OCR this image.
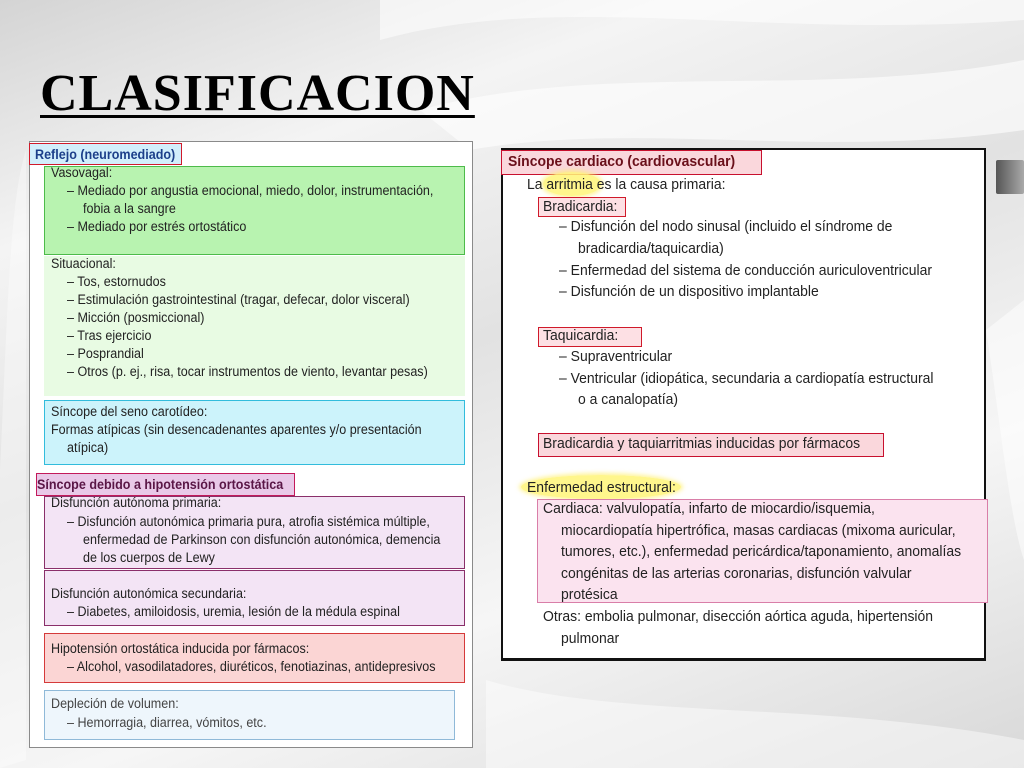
CLASIFICACION
Reflejo (neuromediado)
Vasovagal:
– Mediado por angustia emocional, miedo, dolor, instrumentación,
fobia a la sangre
– Mediado por estrés ortostático
Situacional:
– Tos, estornudos
– Estimulación gastrointestinal (tragar, defecar, dolor visceral)
– Micción (posmiccional)
– Tras ejercicio
– Posprandial
– Otros (p. ej., risa, tocar instrumentos de viento, levantar pesas)
Síncope del seno carotídeo:
Formas atípicas (sin desencadenantes aparentes y/o presentación
atípica)
Síncope debido a hipotensión ortostática
Disfunción autónoma primaria:
– Disfunción autonómica primaria pura, atrofia sistémica múltiple,
enfermedad de Parkinson con disfunción autonómica, demencia
de los cuerpos de Lewy
Disfunción autonómica secundaria:
– Diabetes, amiloidosis, uremia, lesión de la médula espinal
Hipotensión ortostática inducida por fármacos:
– Alcohol, vasodilatadores, diuréticos, fenotiazinas, antidepresivos
Depleción de volumen:
– Hemorragia, diarrea, vómitos, etc.
Síncope cardiaco (cardiovascular)
La arritmia es la causa primaria:
Bradicardia:
– Disfunción del nodo sinusal (incluido el síndrome de
bradicardia/taquicardia)
– Enfermedad del sistema de conducción auriculoventricular
– Disfunción de un dispositivo implantable
Taquicardia:
– Supraventricular
– Ventricular (idiopática, secundaria a cardiopatía estructural
o a canalopatía)
Bradicardia y taquiarritmias inducidas por fármacos
Enfermedad estructural:
Cardiaca: valvulopatía, infarto de miocardio/isquemia,
miocardiopatía hipertrófica, masas cardiacas (mixoma auricular,
tumores, etc.), enfermedad pericárdica/taponamiento, anomalías
congénitas de las arterias coronarias, disfunción valvular
protésica
Otras: embolia pulmonar, disección aórtica aguda, hipertensión
pulmonar
